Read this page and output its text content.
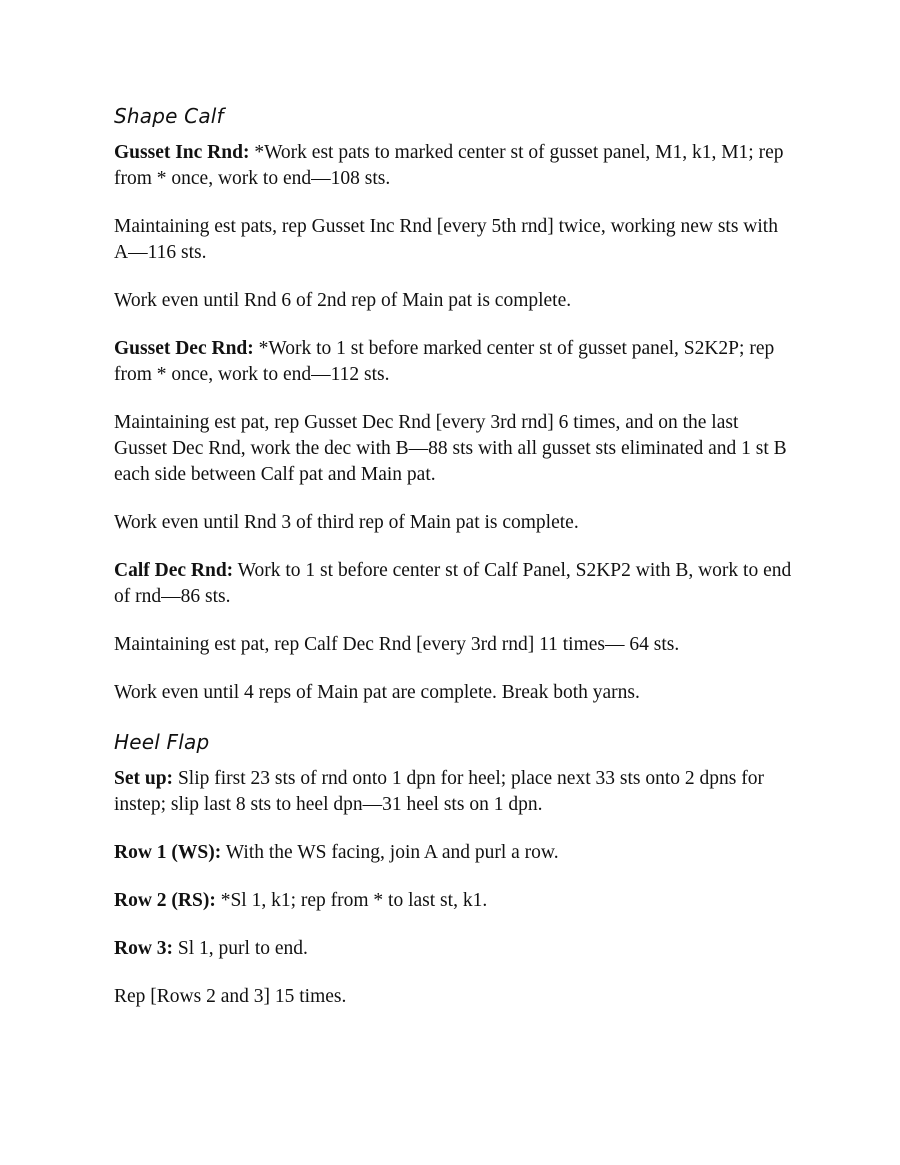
Shape Calf

Gusset Inc Rnd: *Work est pats to marked center st of gusset panel, M1, k1, M1; rep from * once, work to end—108 sts.

Maintaining est pats, rep Gusset Inc Rnd [every 5th rnd] twice, working new sts with A—116 sts.

Work even until Rnd 6 of 2nd rep of Main pat is complete.

Gusset Dec Rnd: *Work to 1 st before marked center st of gusset panel, S2K2P; rep from * once, work to end—112 sts.

Maintaining est pat, rep Gusset Dec Rnd [every 3rd rnd] 6 times, and on the last Gusset Dec Rnd, work the dec with B—88 sts with all gusset sts eliminated and 1 st B each side between Calf pat and Main pat.

Work even until Rnd 3 of third rep of Main pat is complete.

Calf Dec Rnd: Work to 1 st before center st of Calf Panel, S2KP2 with B, work to end of rnd—86 sts.

Maintaining est pat, rep Calf Dec Rnd [every 3rd rnd] 11 times— 64 sts.

Work even until 4 reps of Main pat are complete. Break both yarns.

Heel Flap

Set up: Slip first 23 sts of rnd onto 1 dpn for heel; place next 33 sts onto 2 dpns for instep; slip last 8 sts to heel dpn—31 heel sts on 1 dpn.

Row 1 (WS): With the WS facing, join A and purl a row.

Row 2 (RS): *Sl 1, k1; rep from * to last st, k1.

Row 3: Sl 1, purl to end.

Rep [Rows 2 and 3] 15 times.
